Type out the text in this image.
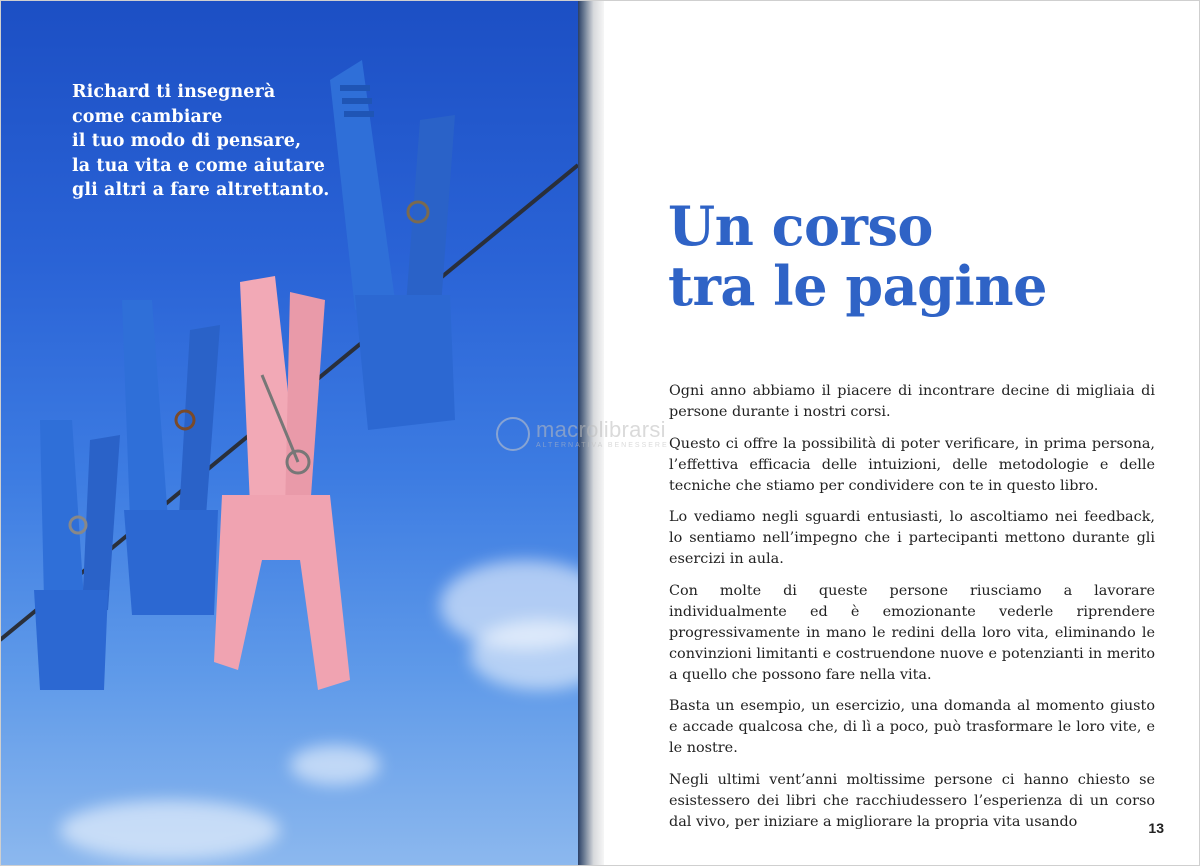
Richard ti insegnerà
come cambiare
il tuo modo di pensare,
la tua vita e come aiutare
gli altri a fare altrettanto.
Un corso
tra le pagine

Ogni anno abbiamo il piacere di incontrare decine di migliaia di persone durante i nostri corsi.

Questo ci offre la possibilità di poter verificare, in prima persona, l’effettiva efficacia delle intuizioni, delle metodologie e delle tecniche che stiamo per condividere con te in questo libro.

Lo vediamo negli sguardi entusiasti, lo ascoltiamo nei feedback, lo sentiamo nell’impegno che i partecipanti mettono durante gli esercizi in aula.

Con molte di queste persone riusciamo a lavorare individualmente ed è emozionante vederle riprendere progressivamente in mano le redini della loro vita, eliminando le convinzioni limitanti e costruendone nuove e potenzianti in merito a quello che possono fare nella vita.

Basta un esempio, un esercizio, una domanda al momento giusto e accade qualcosa che, di lì a poco, può trasformare le loro vite, e le nostre.

Negli ultimi vent’anni moltissime persone ci hanno chiesto se esistessero dei libri che racchiudessero l’esperienza di un corso dal vivo, per iniziare a migliorare la propria vita usando	13
macrolibrarsi
ALTERNATIVA BENESSERE
